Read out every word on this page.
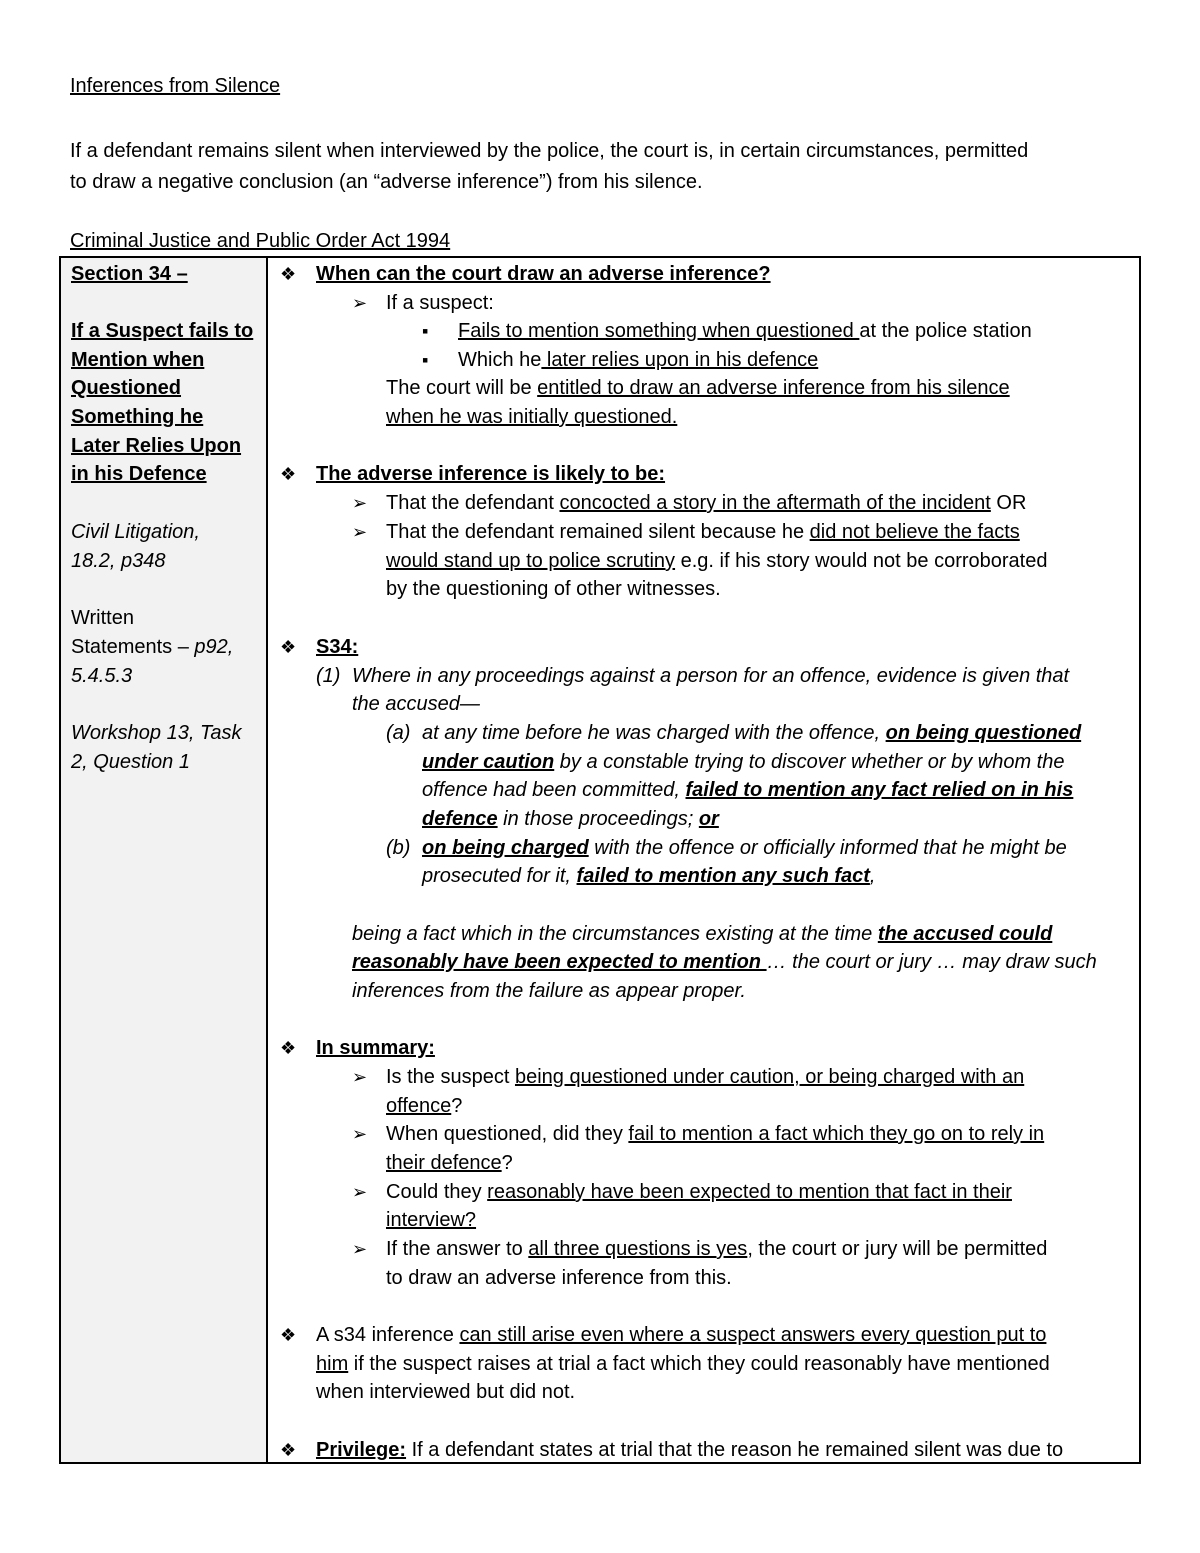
Inferences from Silence

If a defendant remains silent when interviewed by the police, the court is, in certain circumstances, permitted
to draw a negative conclusion (an “adverse inference”) from his silence.

Criminal Justice and Public Order Act 1994

Section 34 –
If a Suspect fails to
Mention when
Questioned
Something he
Later Relies Upon
in his Defence
Civil Litigation,
18.2, p348
Written
Statements – p92,
5.4.5.3
Workshop 13, Task
2, Question 1
❖ When can the court draw an adverse inference?
➢ If a suspect:
▪ Fails to mention something when questioned at the police station
▪ Which he later relies upon in his defence
The court will be entitled to draw an adverse inference from his silence
when he was initially questioned.
❖ The adverse inference is likely to be:
➢ That the defendant concocted a story in the aftermath of the incident OR
➢ That the defendant remained silent because he did not believe the facts
would stand up to police scrutiny e.g. if his story would not be corroborated
by the questioning of other witnesses.
❖ S34:
(1) Where in any proceedings against a person for an offence, evidence is given that
the accused—
(a) at any time before he was charged with the offence, on being questioned
under caution by a constable trying to discover whether or by whom the
offence had been committed, failed to mention any fact relied on in his
defence in those proceedings; or
(b) on being charged with the offence or officially informed that he might be
prosecuted for it, failed to mention any such fact,
being a fact which in the circumstances existing at the time the accused could
reasonably have been expected to mention … the court or jury … may draw such
inferences from the failure as appear proper.
❖ In summary:
➢ Is the suspect being questioned under caution, or being charged with an
offence?
➢ When questioned, did they fail to mention a fact which they go on to rely in
their defence?
➢ Could they reasonably have been expected to mention that fact in their
interview?
➢ If the answer to all three questions is yes, the court or jury will be permitted
to draw an adverse inference from this.
❖ A s34 inference can still arise even where a suspect answers every question put to
him if the suspect raises at trial a fact which they could reasonably have mentioned
when interviewed but did not.
❖ Privilege: If a defendant states at trial that the reason he remained silent was due to
